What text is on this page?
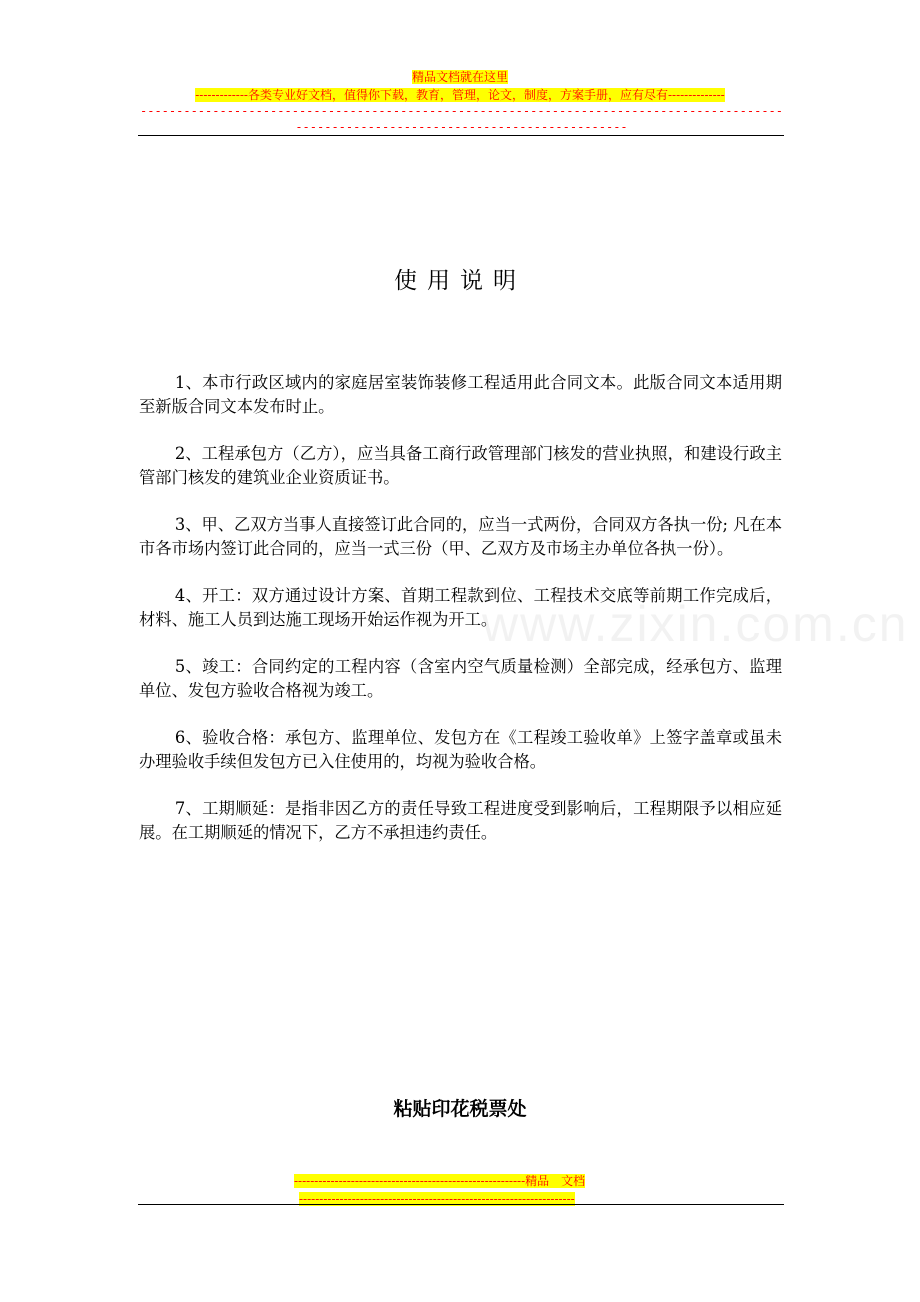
精品文档就在这里
-------------各类专业好文档，值得你下载，教育，管理，论文，制度，方案手册，应有尽有--------------
---------------------------------------------------------------------------------------------------------------------------------------
www.zixin.com.cn
使用说明

1、本市行政区域内的家庭居室装饰装修工程适用此合同文本。此版合同文本适用期至新版合同文本发布时止。

2、工程承包方（乙方），应当具备工商行政管理部门核发的营业执照，和建设行政主管部门核发的建筑业企业资质证书。

3、甲、乙双方当事人直接签订此合同的，应当一式两份，合同双方各执一份; 凡在本市各市场内签订此合同的，应当一式三份（甲、乙双方及市场主办单位各执一份）。

4、开工：双方通过设计方案、首期工程款到位、工程技术交底等前期工作完成后，材料、施工人员到达施工现场开始运作视为开工。

5、竣工：合同约定的工程内容（含室内空气质量检测）全部完成，经承包方、监理单位、发包方验收合格视为竣工。

6、验收合格：承包方、监理单位、发包方在《工程竣工验收单》上签字盖章或虽未办理验收手续但发包方已入住使用的，均视为验收合格。

7、工期顺延：是指非因乙方的责任导致工程进度受到影响后，工程期限予以相应延展。在工期顺延的情况下，乙方不承担违约责任。

粘贴印花税票处
---------------------------------------------------------精品　文档
--------------------------------------------------------------------
